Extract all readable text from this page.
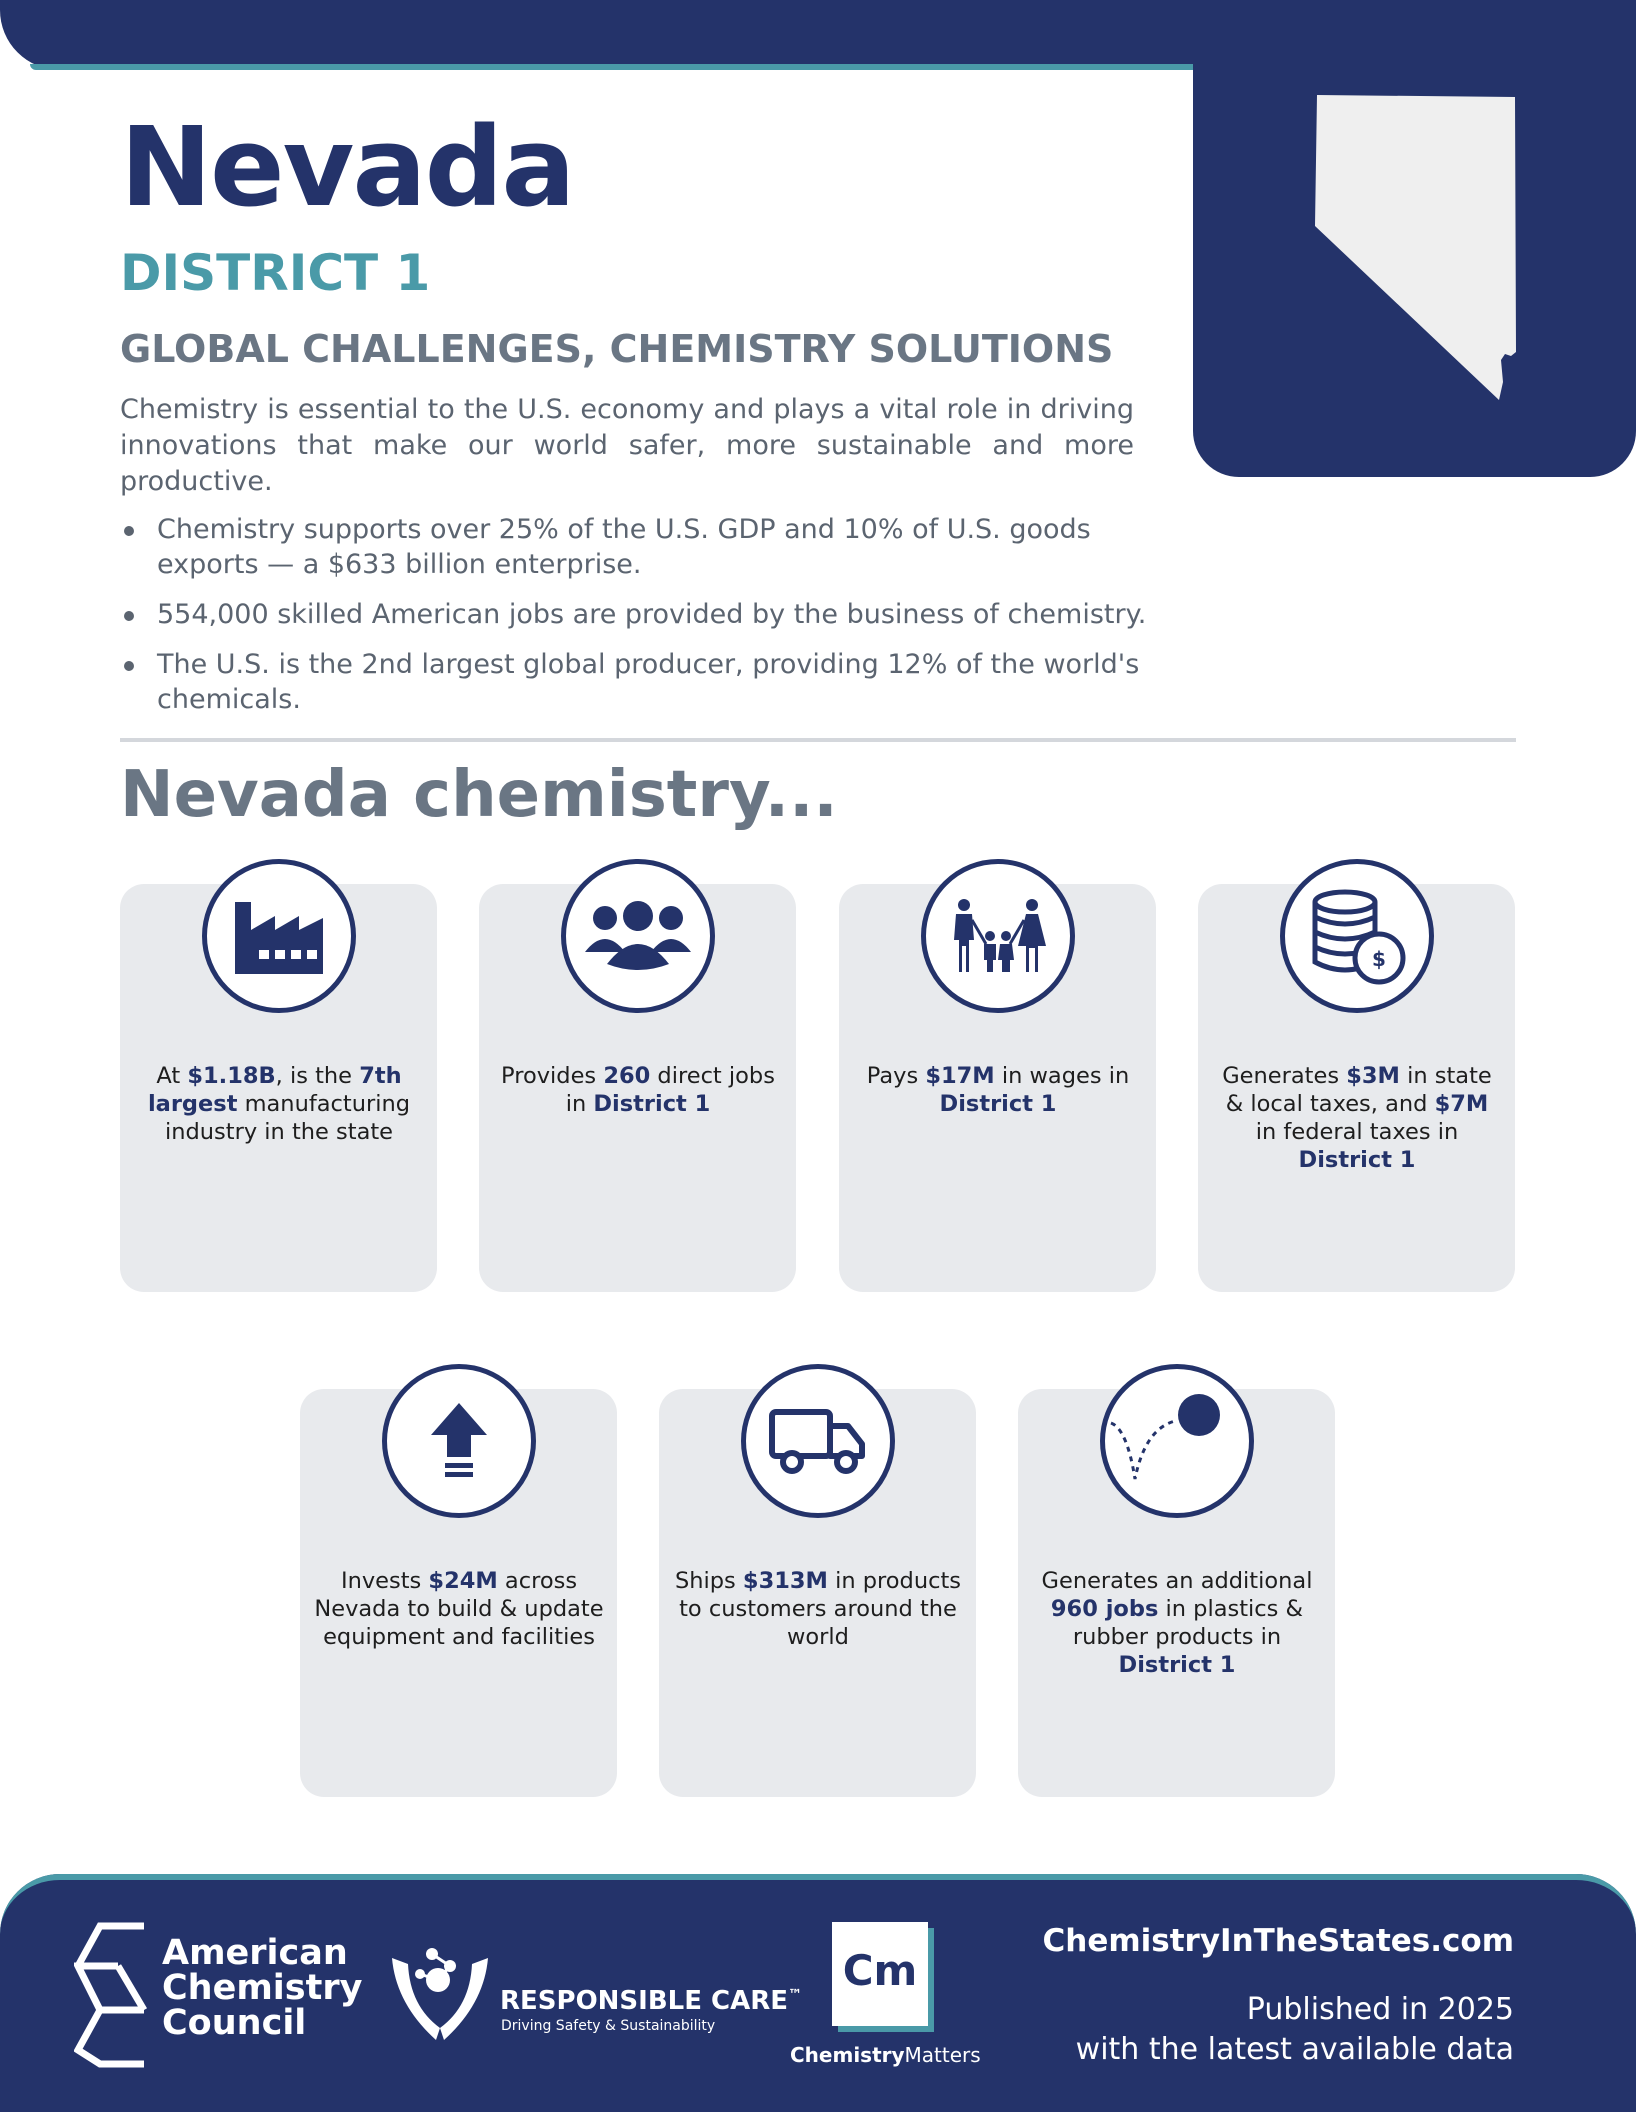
Nevada
DISTRICT 1
GLOBAL CHALLENGES, CHEMISTRY SOLUTIONS
Chemistry is essential to the U.S. economy and plays a vital role in driving innovations that make our world safer, more sustainable and more productive.
Chemistry supports over 25% of the U.S. GDP and 10% of U.S. goods exports — a $633 billion enterprise.
554,000 skilled American jobs are provided by the business of chemistry.
The U.S. is the 2nd largest global producer, providing 12% of the world's chemicals.
Nevada chemistry...
$
At $1.18B, is the 7th largest manufacturing industry in the state
Provides 260 direct jobs in District 1
Pays $17M in wages in District 1
Generates $3M in state & local taxes, and $7M in federal taxes in District 1
Invests $24M across Nevada to build & update equipment and facilities
Ships $313M in products to customers around the world
Generates an additional 960 jobs in plastics & rubber products in District 1
American
Chemistry
Council
RESPONSIBLE CARE™
Driving Safety & Sustainability
Cm
ChemistryMatters
ChemistryInTheStates.com
Published in 2025
with the latest available data
